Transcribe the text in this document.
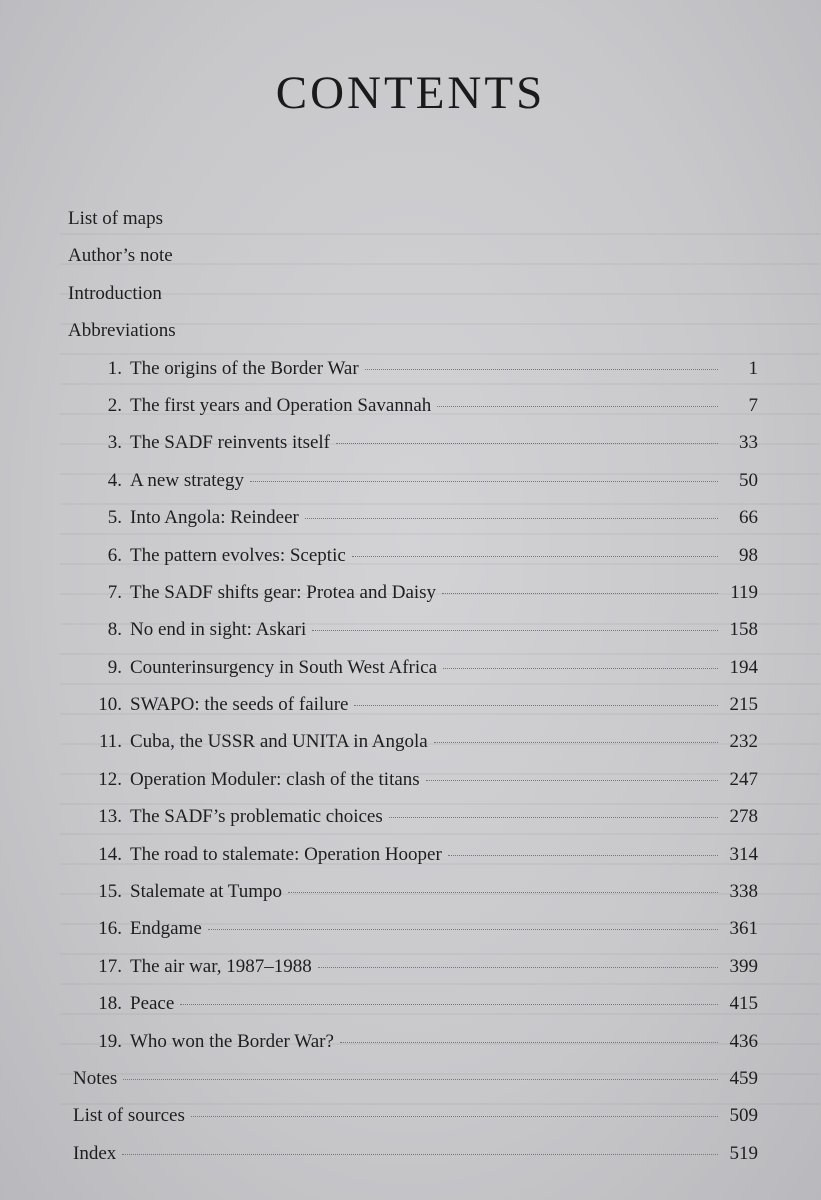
CONTENTS
List of maps
Author’s note
Introduction
Abbreviations
1. The origins of the Border War	1
2. The first years and Operation Savannah	7
3. The SADF reinvents itself	33
4. A new strategy	50
5. Into Angola: Reindeer	66
6. The pattern evolves: Sceptic	98
7. The SADF shifts gear: Protea and Daisy	119
8. No end in sight: Askari	158
9. Counterinsurgency in South West Africa	194
10. SWAPO: the seeds of failure	215
11. Cuba, the USSR and UNITA in Angola	232
12. Operation Moduler: clash of the titans	247
13. The SADF’s problematic choices	278
14. The road to stalemate: Operation Hooper	314
15. Stalemate at Tumpo	338
16. Endgame	361
17. The air war, 1987–1988	399
18. Peace	415
19. Who won the Border War?	436
Notes	459
List of sources	509
Index	519
